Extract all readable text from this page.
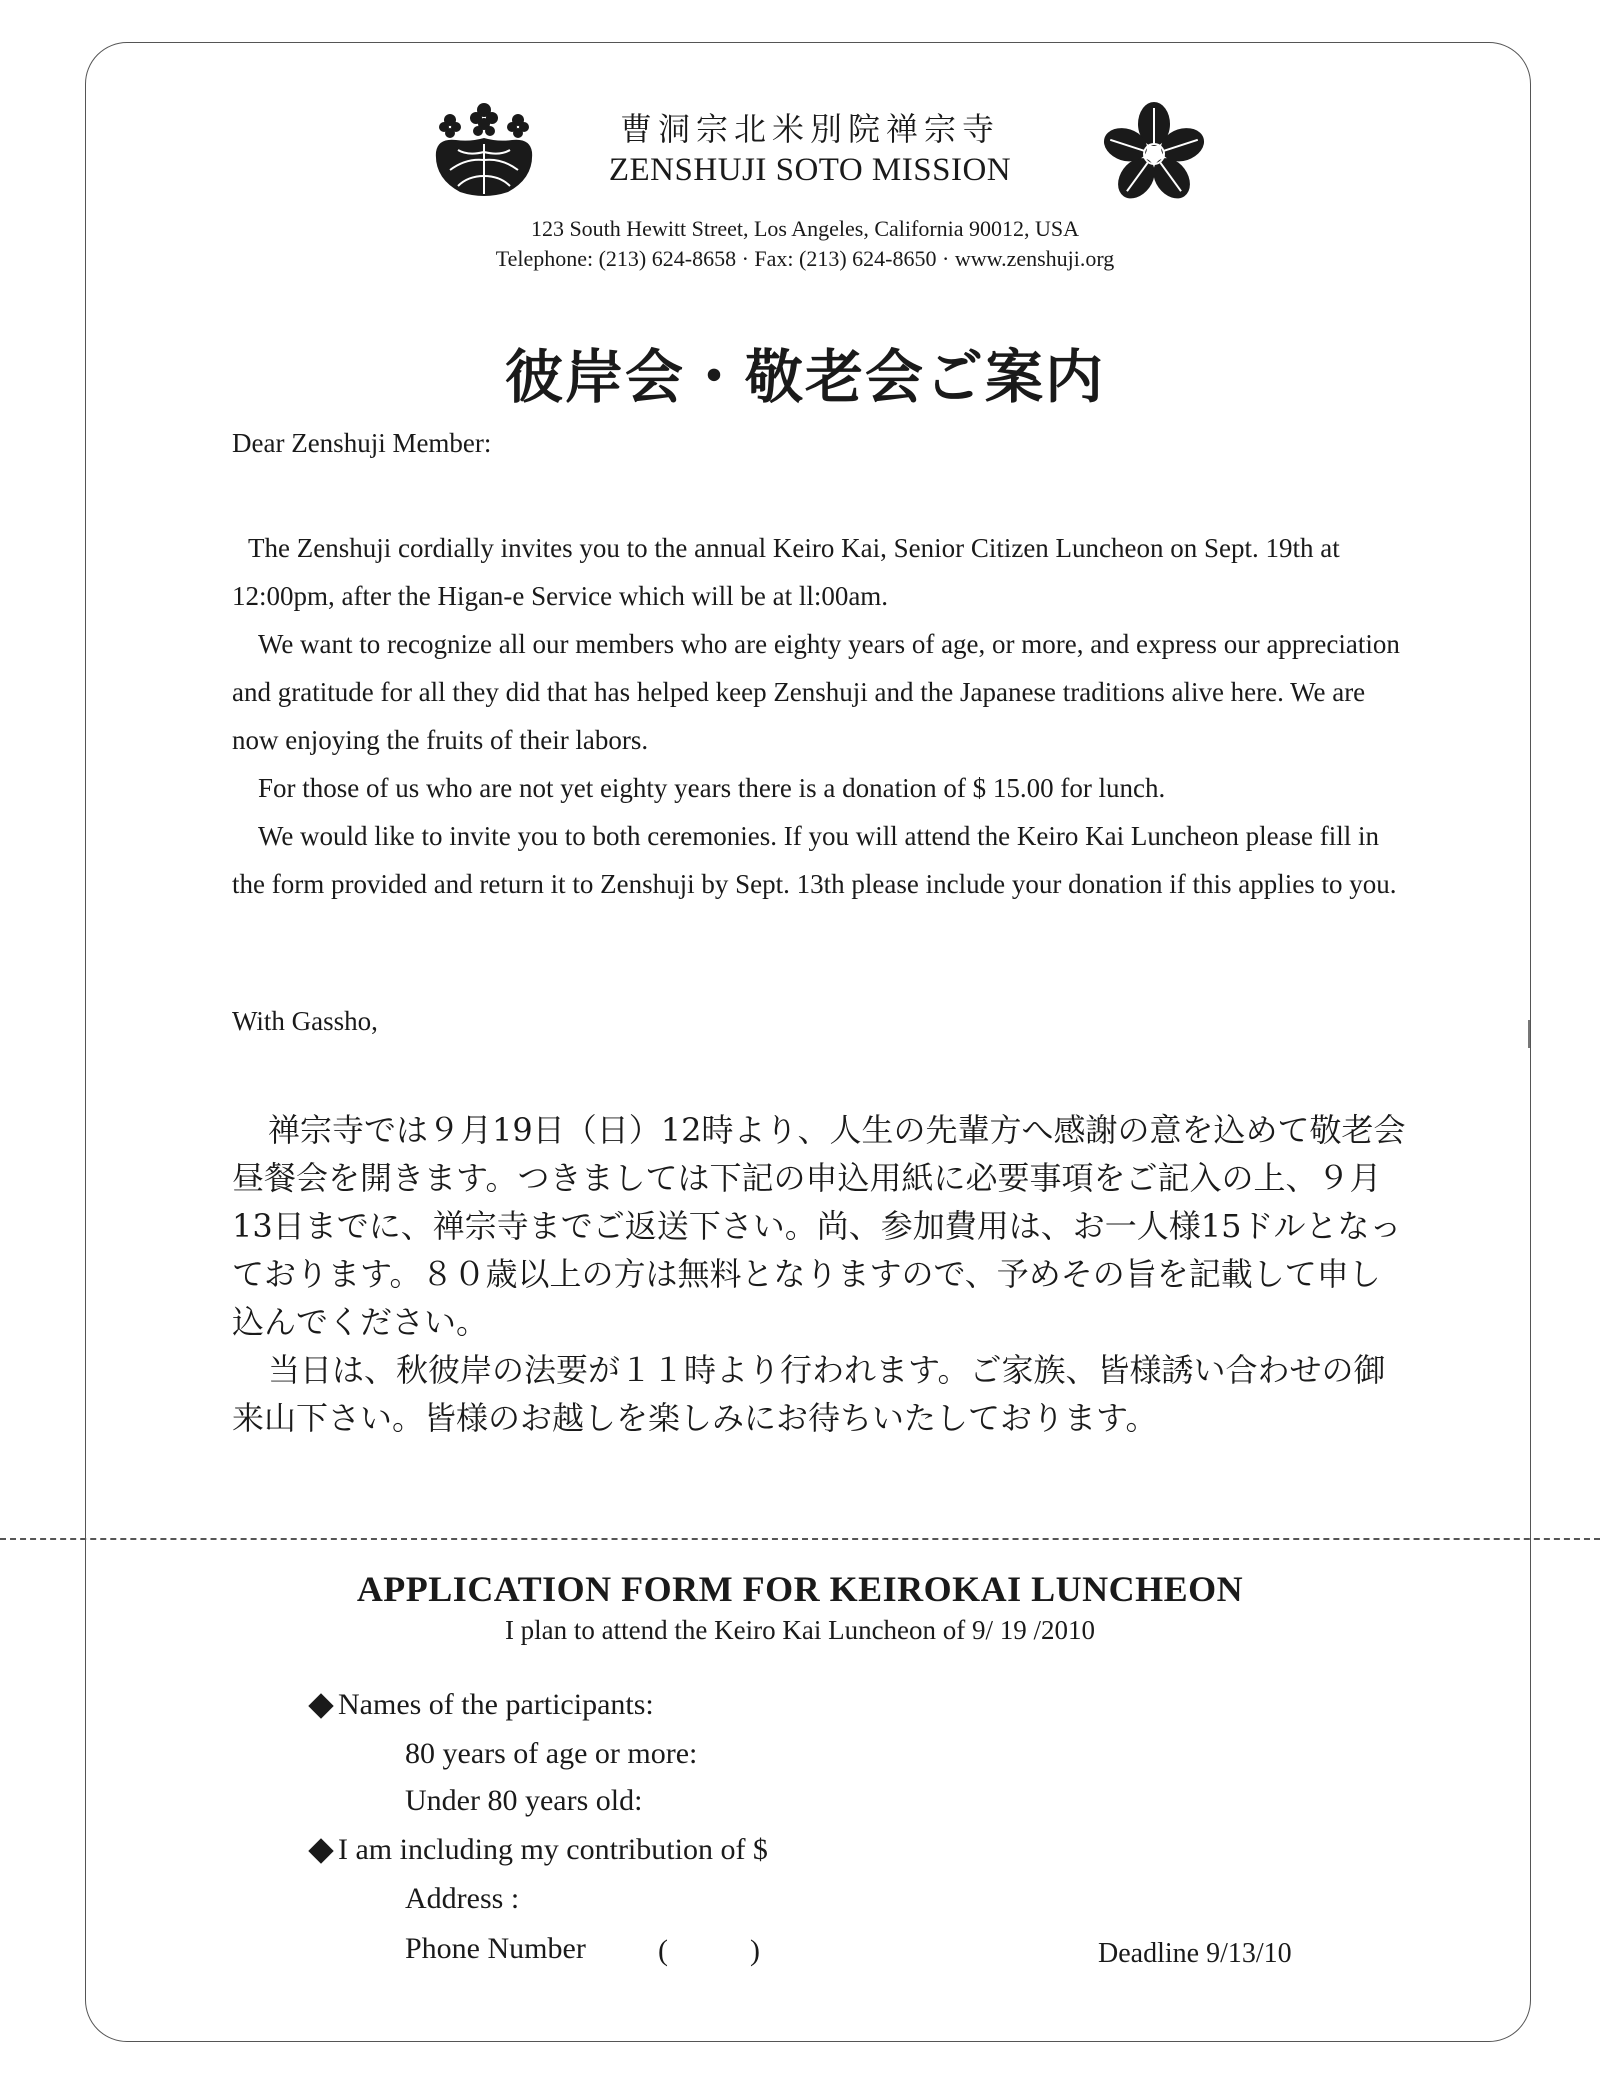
曹洞宗北米別院禅宗寺
ZENSHUJI SOTO MISSION
123 South Hewitt Street, Los Angeles, California 90012, USA
Telephone: (213) 624-8658 · Fax: (213) 624-8650 · www.zenshuji.org
彼岸会・敬老会ご案内
Dear Zenshuji Member:

The Zenshuji cordially invites you to the annual Keiro Kai, Senior Citizen Luncheon on Sept. 19th at 12:00pm, after the Higan-e Service which will be at ll:00am.

We want to recognize all our members who are eighty years of age, or more, and express our appreciation and gratitude for all they did that has helped keep Zenshuji and the Japanese traditions alive here. We are now enjoying the fruits of their labors.

For those of us who are not yet eighty years there is a donation of $ 15.00 for lunch.

We would like to invite you to both ceremonies. If you will attend the Keiro Kai Luncheon please fill in the form provided and return it to Zenshuji by Sept. 13th please include your donation if this applies to you.

With Gassho,

禅宗寺では９月19日（日）12時より、人生の先輩方へ感謝の意を込めて敬老会昼餐会を開きます。つきましては下記の申込用紙に必要事項をご記入の上、９月13日までに、禅宗寺までご返送下さい。尚、参加費用は、お一人様15ドルとなっております。８０歳以上の方は無料となりますので、予めその旨を記載して申し込んでください。

当日は、秋彼岸の法要が１１時より行われます。ご家族、皆様誘い合わせの御来山下さい。皆様のお越しを楽しみにお待ちいたしております。

APPLICATION FORM FOR KEIROKAI LUNCHEON
I plan to attend the Keiro Kai Luncheon of 9/ 19 /2010
Names of the participants:
80 years of age or more:
Under 80 years old:
I am including my contribution of $
Address :
Phone Number (	)	Deadline 9/13/10
